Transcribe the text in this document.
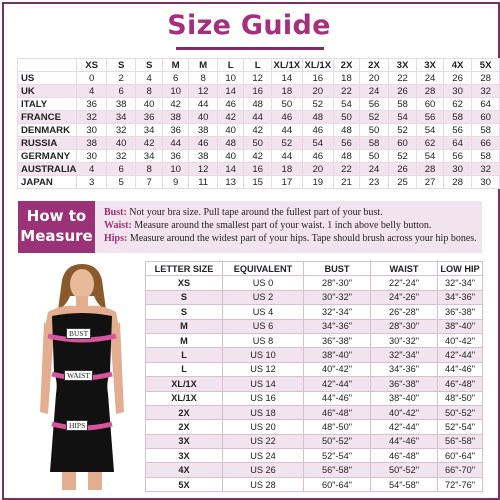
Size Guide
	XS	S	S	M	M	L	L	XL/1X	XL/1X	2X	2X	3X	3X	4X	5X
US	0	2	4	6	8	10	12	14	16	18	20	22	24	26	28
UK	4	6	8	10	12	14	16	18	20	22	24	26	28	30	32
ITALY	36	38	40	42	44	46	48	50	52	54	56	58	60	62	64
FRANCE	32	34	36	38	40	42	44	46	48	50	52	54	56	58	60
DENMARK	30	32	34	36	38	40	42	44	46	48	50	52	54	56	58
RUSSIA	38	40	42	44	46	48	50	52	54	56	58	60	62	64	66
GERMANY	30	32	34	36	38	40	42	44	46	48	50	52	54	56	58
AUSTRALIA	4	6	8	10	12	14	16	18	20	22	24	26	28	30	32
JAPAN	3	5	7	9	11	13	15	17	19	21	23	25	27	28	30
How to
Measure
Bust: Not your bra size. Pull tape around the fullest part of your bust.
Waist: Measure around the smallest part of your waist. 1 inch above belly button.
Hips: Measure around the widest part of your hips. Tape should brush across your hip bones.
BUST
WAIST
HIPS
LETTER SIZE	EQUIVALENT	BUST	WAIST	LOW HIP
XS	US 0	28"-30"	22"-24"	32"-34"
S	US 2	30"-32"	24"-26"	34"-36"
S	US 4	32"-34"	26"-28"	36"-38"
M	US 6	34"-36"	28"-30"	38"-40"
M	US 8	36"-38"	30"-32"	40"-42"
L	US 10	38"-40"	32"-34"	42"-44"
L	US 12	40"-42"	34"-36"	44"-46"
XL/1X	US 14	42"-44"	36"-38"	46"-48"
XL/1X	US 16	44"-46"	38"-40"	48"-50"
2X	US 18	46"-48"	40"-42"	50"-52"
2X	US 20	48"-50"	42"-44"	52"-54"
3X	US 22	50"-52"	44"-46"	56"-58"
3X	US 24	52"-54"	46"-48"	60"-64"
4X	US 26	56"-58"	50"-52"	66"-70"
5X	US 28	60"-64"	54"-58"	72"-76"
